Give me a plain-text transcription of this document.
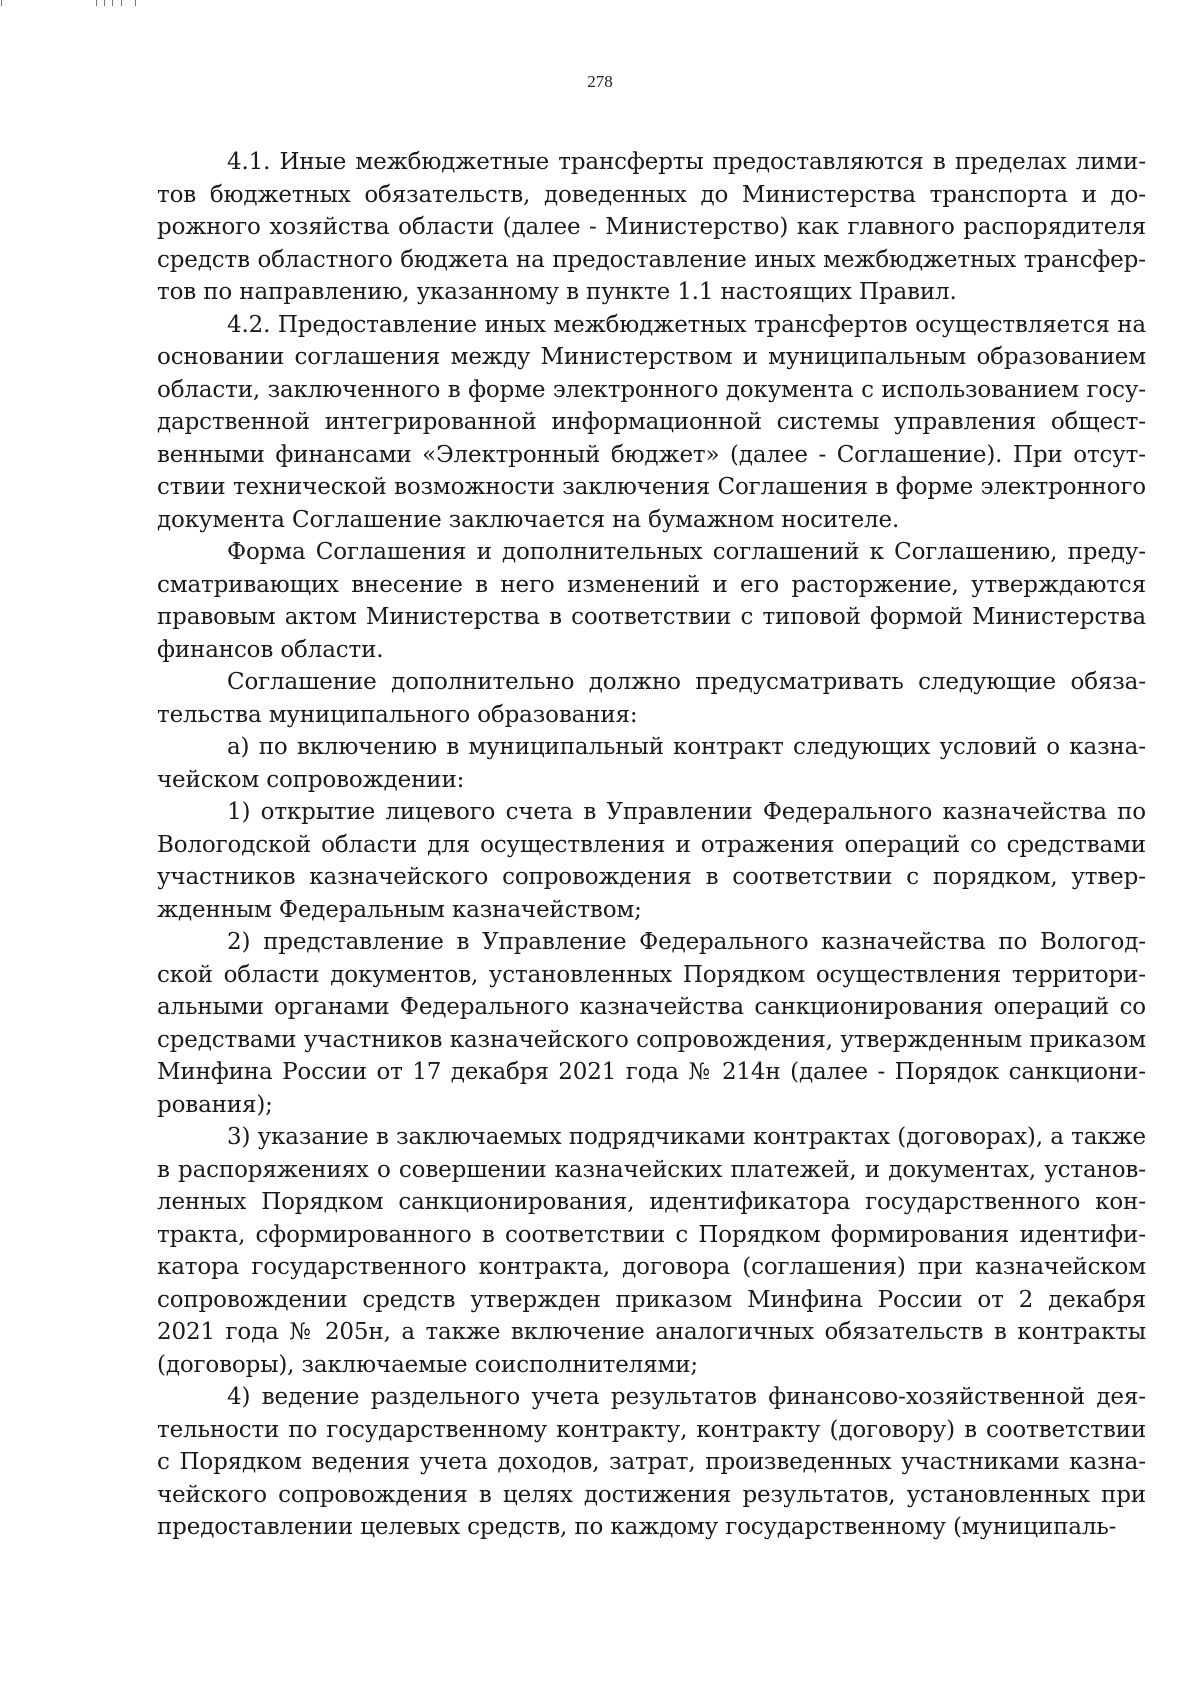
278

4.1. Иные межбюджетные трансферты предоставляются в пределах лимитов бюджетных обязательств, доведенных до Министерства транспорта и дорожного хозяйства области (далее - Министерство) как главного распорядителя средств областного бюджета на предоставление иных межбюджетных трансфертов по направлению, указанному в пункте 1.1 настоящих Правил.

4.2. Предоставление иных межбюджетных трансфертов осуществляется на основании соглашения между Министерством и муниципальным образованием области, заключенного в форме электронного документа с использованием государственной интегрированной информационной системы управления общественными финансами «Электронный бюджет» (далее - Соглашение). При отсутствии технической возможности заключения Соглашения в форме электронного документа Соглашение заключается на бумажном носителе.

Форма Соглашения и дополнительных соглашений к Соглашению, предусматривающих внесение в него изменений и его расторжение, утверждаются правовым актом Министерства в соответствии с типовой формой Министерства финансов области.

Соглашение дополнительно должно предусматривать следующие обязательства муниципального образования:

а) по включению в муниципальный контракт следующих условий о казначейском сопровождении:

1) открытие лицевого счета в Управлении Федерального казначейства по Вологодской области для осуществления и отражения операций со средствами участников казначейского сопровождения в соответствии с порядком, утвержденным Федеральным казначейством;

2) представление в Управление Федерального казначейства по Вологодской области документов, установленных Порядком осуществления территориальными органами Федерального казначейства санкционирования операций со средствами участников казначейского сопровождения, утвержденным приказом Минфина России от 17 декабря 2021 года № 214н (далее - Порядок санкционирования);

3) указание в заключаемых подрядчиками контрактах (договорах), а также в распоряжениях о совершении казначейских платежей, и документах, установленных Порядком санкционирования, идентификатора государственного контракта, сформированного в соответствии с Порядком формирования идентификатора государственного контракта, договора (соглашения) при казначейском сопровождении средств утвержден приказом Минфина России от 2 декабря 2021 года № 205н, а также включение аналогичных обязательств в контракты (договоры), заключаемые соисполнителями;

4) ведение раздельного учета результатов финансово-хозяйственной деятельности по государственному контракту, контракту (договору) в соответствии с Порядком ведения учета доходов, затрат, произведенных участниками казначейского сопровождения в целях достижения результатов, установленных при предоставлении целевых средств, по каждому государственному (муниципаль-
